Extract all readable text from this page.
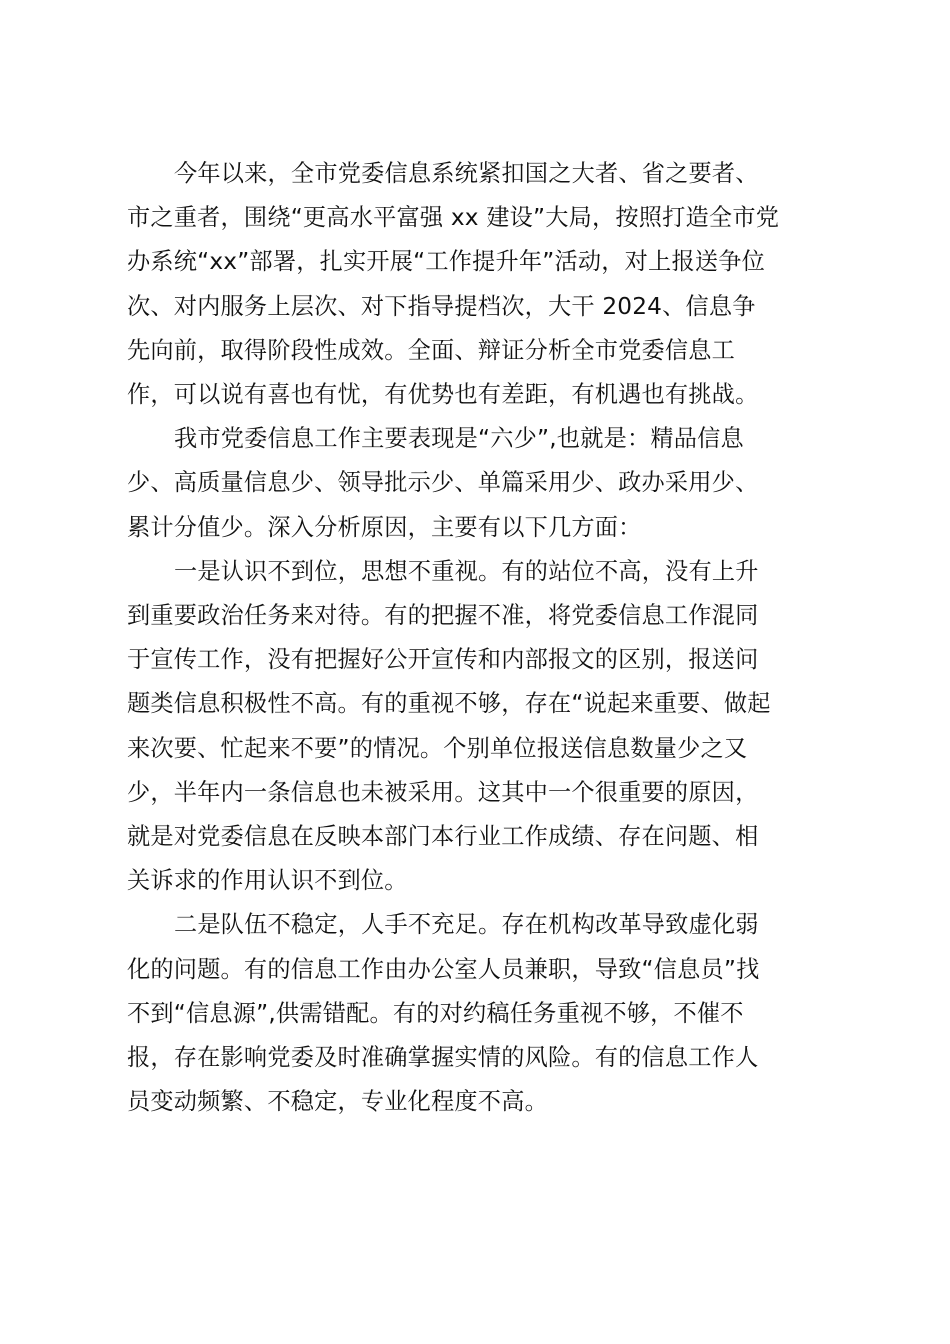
今年以来，全市党委信息系统紧扣国之大者、省之要者、
市之重者，围绕“更高水平富强 xx 建设”大局，按照打造全市党
办系统“xx”部署，扎实开展“工作提升年”活动，对上报送争位
次、对内服务上层次、对下指导提档次，大干 2024、信息争
先向前，取得阶段性成效。全面、辩证分析全市党委信息工
作，可以说有喜也有忧，有优势也有差距，有机遇也有挑战。
我市党委信息工作主要表现是“六少”,也就是：精品信息
少、高质量信息少、领导批示少、单篇采用少、政办采用少、
累计分值少。深入分析原因，主要有以下几方面：
一是认识不到位，思想不重视。有的站位不高，没有上升
到重要政治任务来对待。有的把握不准，将党委信息工作混同
于宣传工作，没有把握好公开宣传和内部报文的区别，报送问
题类信息积极性不高。有的重视不够，存在“说起来重要、做起
来次要、忙起来不要”的情况。个别单位报送信息数量少之又
少，半年内一条信息也未被采用。这其中一个很重要的原因，
就是对党委信息在反映本部门本行业工作成绩、存在问题、相
关诉求的作用认识不到位。
二是队伍不稳定，人手不充足。存在机构改革导致虚化弱
化的问题。有的信息工作由办公室人员兼职，导致“信息员”找
不到“信息源”,供需错配。有的对约稿任务重视不够，不催不
报，存在影响党委及时准确掌握实情的风险。有的信息工作人
员变动频繁、不稳定，专业化程度不高。
